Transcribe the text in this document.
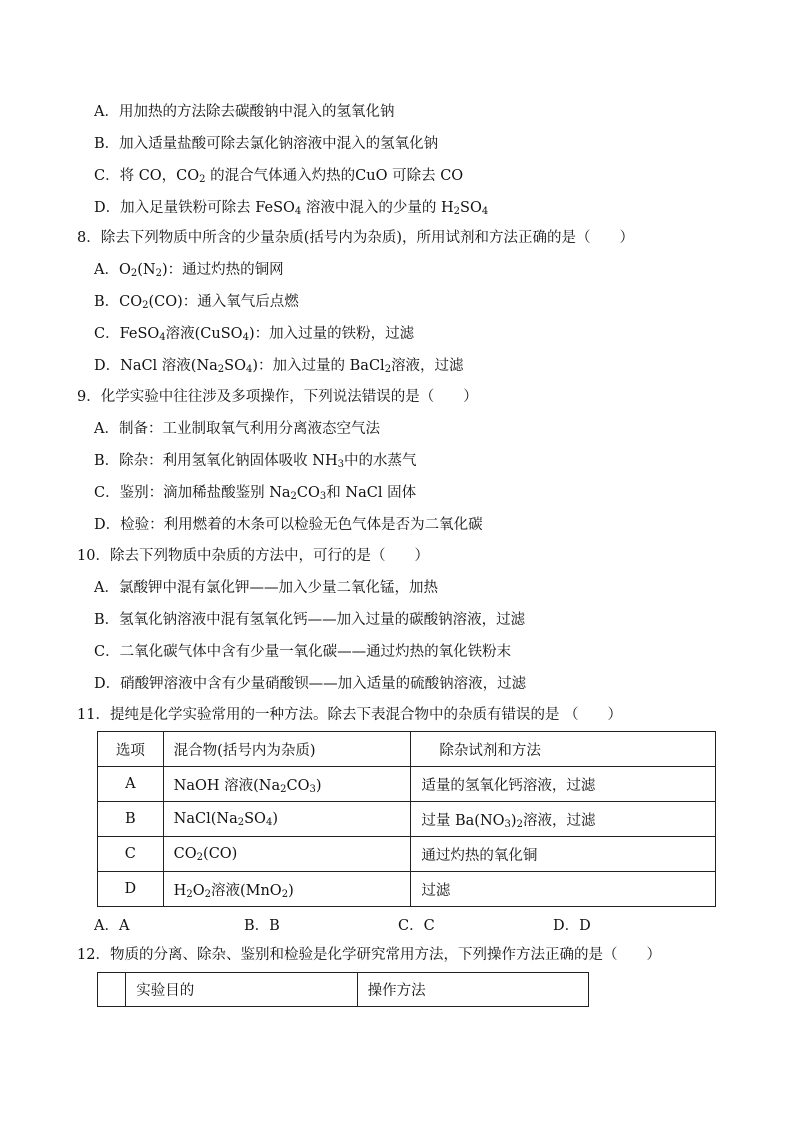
A．用加热的方法除去碳酸钠中混入的氢氧化钠
B．加入适量盐酸可除去氯化钠溶液中混入的氢氧化钠
C．将 CO，$CO_2$ 的混合气体通入灼热的CuO 可除去 CO
D．加入足量铁粉可除去 FeSO$_4$ 溶液中混入的少量的 $H_2SO_4$
8．除去下列物质中所含的少量杂质(括号内为杂质)，所用试剂和方法正确的是（　　）
A．$O_2(N_2)$：通过灼热的铜网
B．$CO_2(CO)$：通入氧气后点燃
C．FeSO$_4$溶液(CuSO$_4$)：加入过量的铁粉，过滤
D．NaCl 溶液$(Na_2SO_4)$：加入过量的 BaCl$_2$溶液，过滤
9．化学实验中往往涉及多项操作，下列说法错误的是（　　）
A．制备：工业制取氧气利用分离液态空气法
B．除杂：利用氢氧化钠固体吸收 $NH_3$中的水蒸气
C．鉴别：滴加稀盐酸鉴别 $Na_2CO_3$和 NaCl 固体
D．检验：利用燃着的木条可以检验无色气体是否为二氧化碳
10．除去下列物质中杂质的方法中，可行的是（　　）
A．氯酸钾中混有氯化钾——加入少量二氧化锰，加热
B．氢氧化钠溶液中混有氢氧化钙——加入过量的碳酸钠溶液，过滤
C．二氧化碳气体中含有少量一氧化碳——通过灼热的氧化铁粉末
D．硝酸钾溶液中含有少量硝酸钡——加入适量的硫酸钠溶液，过滤
11．提纯是化学实验常用的一种方法。除去下表混合物中的杂质有错误的是 （　　）
选项	混合物(括号内为杂质)	除杂试剂和方法
A	NaOH 溶液$(Na_2CO_3)$	适量的氢氧化钙溶液，过滤
B	$NaCl(Na_2SO_4)$	过量 $Ba(NO_3)_2$溶液，过滤
C	$CO_2(CO)$	通过灼热的氧化铜
D	$H_2O_2$溶液(MnO$_2$)	过滤
A．A	B．B	C．C	D．D
12．物质的分离、除杂、鉴别和检验是化学研究常用方法，下列操作方法正确的是（　　）
	实验目的	操作方法
